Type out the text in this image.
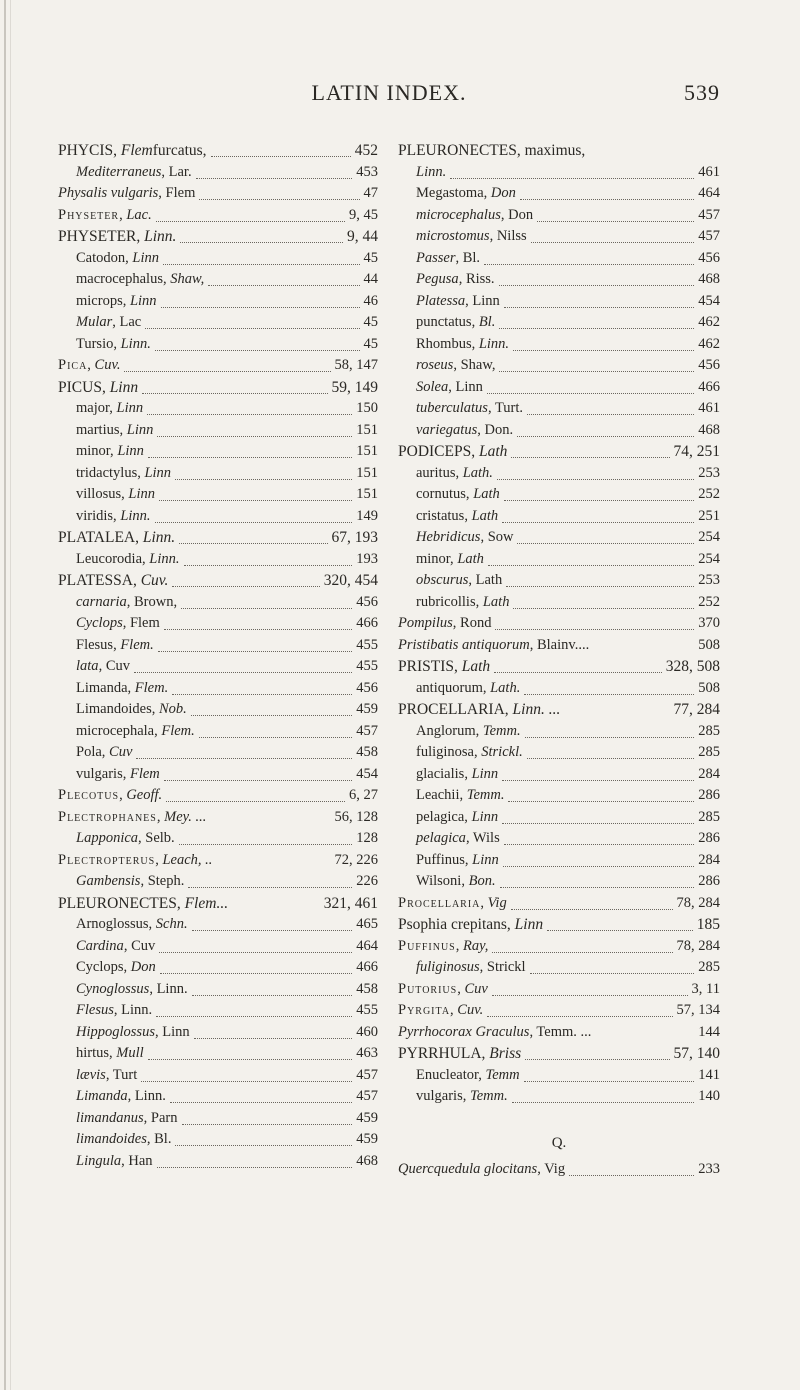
LATIN INDEX.	539
PHYCIS, Flemfurcatus,	452
Mediterraneus, Lar.	453
Physalis vulgaris, Flem	47
Physeter, Lac.	9, 45
PHYSETER, Linn.	9, 44
Catodon, Linn	45
macrocephalus, Shaw,	44
microps, Linn	46
Mular, Lac	45
Tursio, Linn.	45
Pica, Cuv.	58, 147
PICUS, Linn	59, 149
major, Linn	150
martius, Linn	151
minor, Linn	151
tridactylus, Linn	151
villosus, Linn	151
viridis, Linn.	149
PLATALEA, Linn.	67, 193
Leucorodia, Linn.	193
PLATESSA, Cuv.	320, 454
carnaria, Brown,	456
Cyclops, Flem	466
Flesus, Flem.	455
lata, Cuv	455
Limanda, Flem.	456
Limandoides, Nob.	459
microcephala, Flem.	457
Pola, Cuv	458
vulgaris, Flem	454
Plecotus, Geoff.	6, 27
Plectrophanes, Mey. ...	56, 128
Lapponica, Selb.	128
Plectropterus, Leach, ..	72, 226
Gambensis, Steph.	226
PLEURONECTES, Flem...	321, 461
Arnoglossus, Schn.	465
Cardina, Cuv	464
Cyclops, Don	466
Cynoglossus, Linn.	458
Flesus, Linn.	455
Hippoglossus, Linn	460
hirtus, Mull	463
lævis, Turt	457
Limanda, Linn.	457
limandanus, Parn	459
limandoides, Bl.	459
Lingula, Han	468
PLEURONECTES, maximus,
Linn.	461
Megastoma, Don	464
microcephalus, Don	457
microstomus, Nilss	457
Passer, Bl.	456
Pegusa, Riss.	468
Platessa, Linn	454
punctatus, Bl.	462
Rhombus, Linn.	462
roseus, Shaw,	456
Solea, Linn	466
tuberculatus, Turt.	461
variegatus, Don.	468
PODICEPS, Lath	74, 251
auritus, Lath.	253
cornutus, Lath	252
cristatus, Lath	251
Hebridicus, Sow	254
minor, Lath	254
obscurus, Lath	253
rubricollis, Lath	252
Pompilus, Rond	370
Pristibatis antiquorum, Blainv....	508
PRISTIS, Lath	328, 508
antiquorum, Lath.	508
PROCELLARIA, Linn. ...	77, 284
Anglorum, Temm.	285
fuliginosa, Strickl.	285
glacialis, Linn	284
Leachii, Temm.	286
pelagica, Linn	285
pelagica, Wils	286
Puffinus, Linn	284
Wilsoni, Bon.	286
Procellaria, Vig	78, 284
Psophia crepitans, Linn	185
Puffinus, Ray,	78, 284
fuliginosus, Strickl	285
Putorius, Cuv	3, 11
Pyrgita, Cuv.	57, 134
Pyrrhocorax Graculus, Temm. ...	144
PYRRHULA, Briss	57, 140
Enucleator, Temm	141
vulgaris, Temm.	140
Q.
Quercquedula glocitans, Vig	233
